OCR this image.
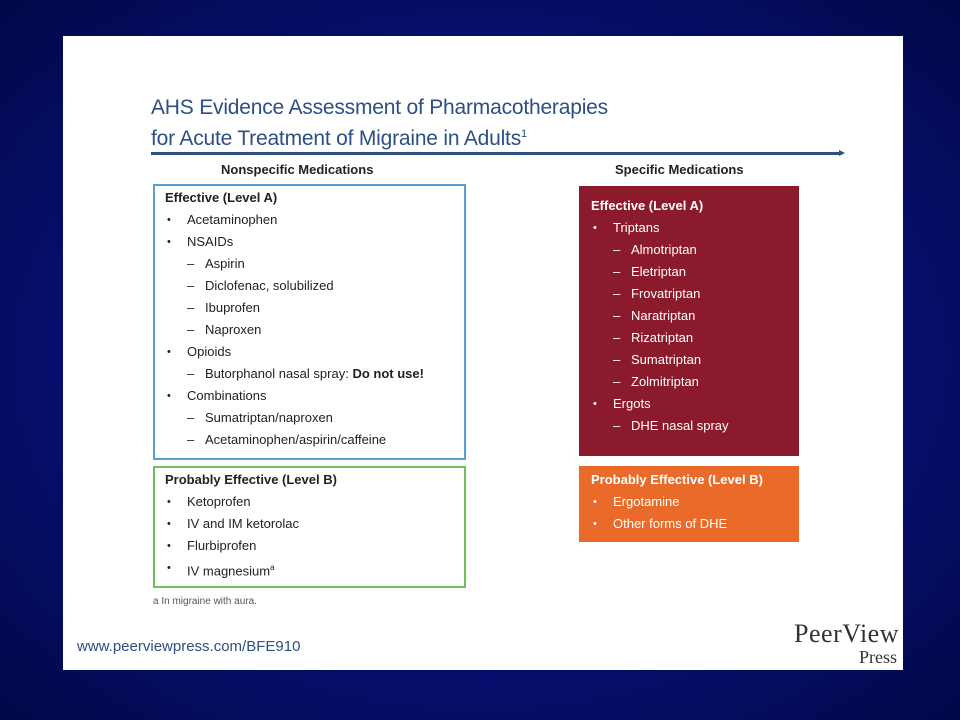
AHS Evidence Assessment of Pharmacotherapies
for Acute Treatment of Migraine in Adults$^1$
Nonspecific Medications	Specific Medications
Effective (Level A)
• Acetaminophen
• NSAIDs
– Aspirin
– Diclofenac, solubilized
– Ibuprofen
– Naproxen
• Opioids
– Butorphanol nasal spray: Do not use!
• Combinations
– Sumatriptan/naproxen
– Acetaminophen/aspirin/caffeine
Probably Effective (Level B)
• Ketoprofen
• IV and IM ketorolac
• Flurbiprofen
• IV magnesium$^a$
Effective (Level A)
• Triptans
– Almotriptan
– Eletriptan
– Frovatriptan
– Naratriptan
– Rizatriptan
– Sumatriptan
– Zolmitriptan
• Ergots
– DHE nasal spray
Probably Effective (Level B)
• Ergotamine
• Other forms of DHE
a In migraine with aura.
www.peerviewpress.com/BFE910	PeerView
Press
